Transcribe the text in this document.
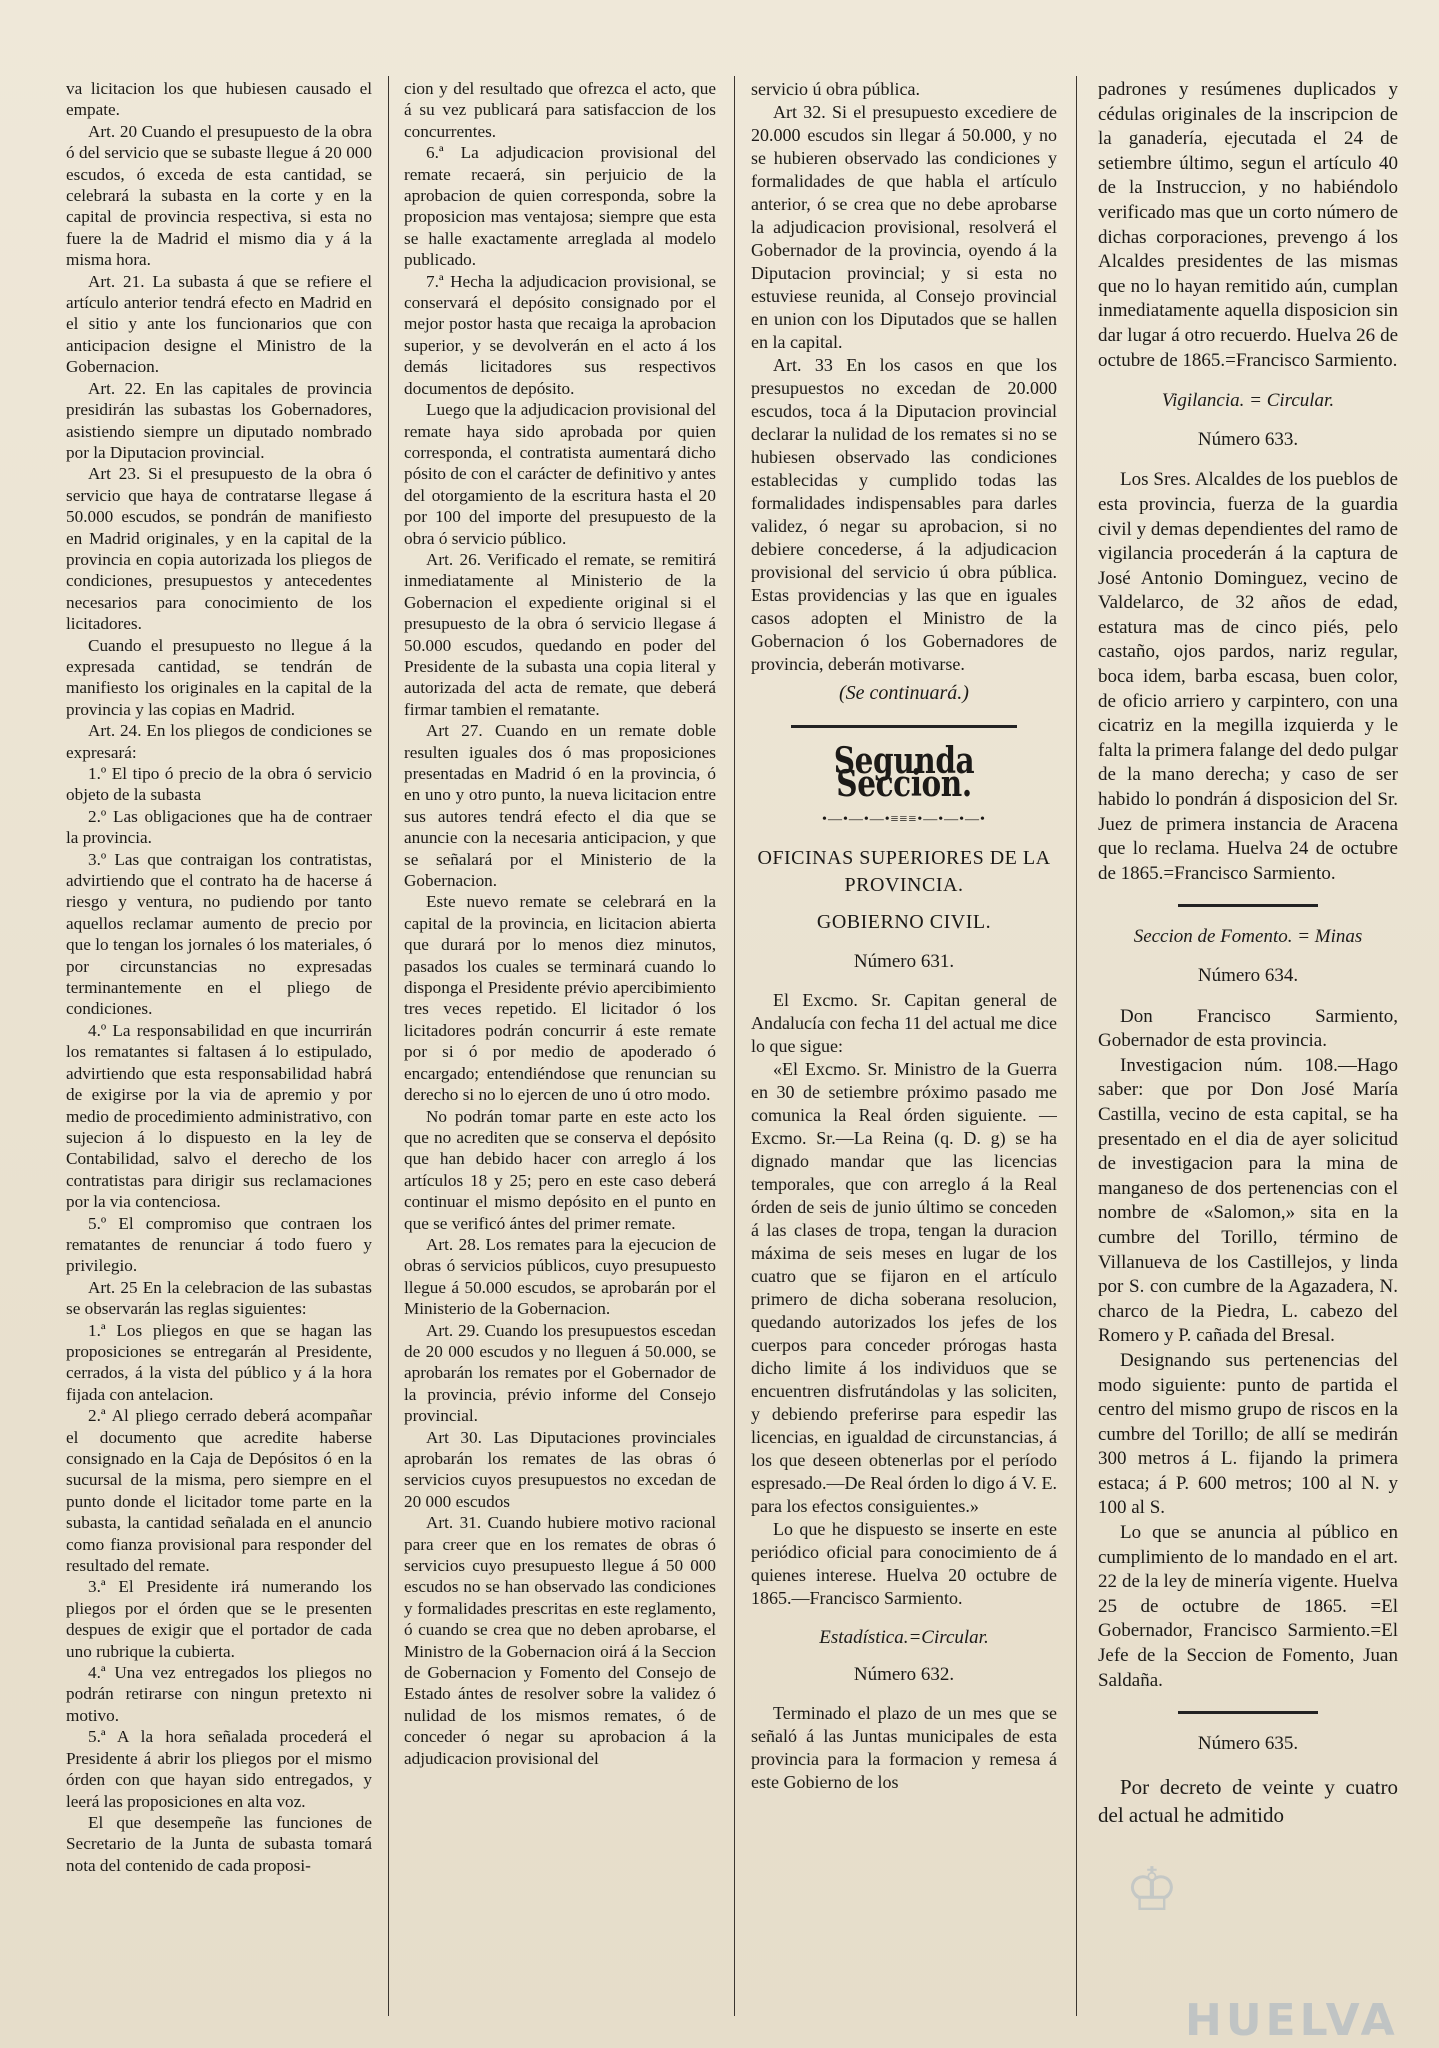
va licitacion los que hubiesen causado el empate.

Art. 20 Cuando el presupuesto de la obra ó del servicio que se subaste llegue á 20 000 escudos, ó exceda de esta cantidad, se celebrará la subasta en la corte y en la capital de provincia respectiva, si esta no fuere la de Madrid el mismo dia y á la misma hora.

Art. 21. La subasta á que se refiere el artículo anterior tendrá efecto en Madrid en el sitio y ante los funcionarios que con anticipacion designe el Ministro de la Gobernacion.

Art. 22. En las capitales de provincia presidirán las subastas los Gobernadores, asistiendo siempre un diputado nombrado por la Diputacion provincial.

Art 23. Si el presupuesto de la obra ó servicio que haya de contratarse llegase á 50.000 escudos, se pondrán de manifiesto en Madrid originales, y en la capital de la provincia en copia autorizada los pliegos de condiciones, presupuestos y antecedentes necesarios para conocimiento de los licitadores.

Cuando el presupuesto no llegue á la expresada cantidad, se tendrán de manifiesto los originales en la capital de la provincia y las copias en Madrid.

Art. 24. En los pliegos de condiciones se expresará:

1.º El tipo ó precio de la obra ó servicio objeto de la subasta

2.º Las obligaciones que ha de contraer la provincia.

3.º Las que contraigan los contratistas, advirtiendo que el contrato ha de hacerse á riesgo y ventura, no pudiendo por tanto aquellos reclamar aumento de precio por que lo tengan los jornales ó los materiales, ó por circunstancias no expresadas terminantemente en el pliego de condiciones.

4.º La responsabilidad en que incurrirán los rematantes si faltasen á lo estipulado, advirtiendo que esta responsabilidad habrá de exigirse por la via de apremio y por medio de procedimiento administrativo, con sujecion á lo dispuesto en la ley de Contabilidad, salvo el derecho de los contratistas para dirigir sus reclamaciones por la via contenciosa.

5.º El compromiso que contraen los rematantes de renunciar á todo fuero y privilegio.

Art. 25 En la celebracion de las subastas se observarán las reglas siguientes:

1.ª Los pliegos en que se hagan las proposiciones se entregarán al Presidente, cerrados, á la vista del público y á la hora fijada con antelacion.

2.ª Al pliego cerrado deberá acompañar el documento que acredite haberse consignado en la Caja de Depósitos ó en la sucursal de la misma, pero siempre en el punto donde el licitador tome parte en la subasta, la cantidad señalada en el anuncio como fianza provisional para responder del resultado del remate.

3.ª El Presidente irá numerando los pliegos por el órden que se le presenten despues de exigir que el portador de cada uno rubrique la cubierta.

4.ª Una vez entregados los pliegos no podrán retirarse con ningun pretexto ni motivo.

5.ª A la hora señalada procederá el Presidente á abrir los pliegos por el mismo órden con que hayan sido entregados, y leerá las proposiciones en alta voz.

El que desempeñe las funciones de Secretario de la Junta de subasta tomará nota del contenido de cada proposi-

cion y del resultado que ofrezca el acto, que á su vez publicará para satisfaccion de los concurrentes.

6.ª La adjudicacion provisional del remate recaerá, sin perjuicio de la aprobacion de quien corresponda, sobre la proposicion mas ventajosa; siempre que esta se halle exactamente arreglada al modelo publicado.

7.ª Hecha la adjudicacion provisional, se conservará el depósito consignado por el mejor postor hasta que recaiga la aprobacion superior, y se devolverán en el acto á los demás licitadores sus respectivos documentos de depósito.

Luego que la adjudicacion provisional del remate haya sido aprobada por quien corresponda, el contratista aumentará dicho pósito de con el carácter de definitivo y antes del otorgamiento de la escritura hasta el 20 por 100 del importe del presupuesto de la obra ó servicio público.

Art. 26. Verificado el remate, se remitirá inmediatamente al Ministerio de la Gobernacion el expediente original si el presupuesto de la obra ó servicio llegase á 50.000 escudos, quedando en poder del Presidente de la subasta una copia literal y autorizada del acta de remate, que deberá firmar tambien el rematante.

Art 27. Cuando en un remate doble resulten iguales dos ó mas proposiciones presentadas en Madrid ó en la provincia, ó en uno y otro punto, la nueva licitacion entre sus autores tendrá efecto el dia que se anuncie con la necesaria anticipacion, y que se señalará por el Ministerio de la Gobernacion.

Este nuevo remate se celebrará en la capital de la provincia, en licitacion abierta que durará por lo menos diez minutos, pasados los cuales se terminará cuando lo disponga el Presidente prévio apercibimiento tres veces repetido. El licitador ó los licitadores podrán concurrir á este remate por si ó por medio de apoderado ó encargado; entendiéndose que renuncian su derecho si no lo ejercen de uno ú otro modo.

No podrán tomar parte en este acto los que no acrediten que se conserva el depósito que han debido hacer con arreglo á los artículos 18 y 25; pero en este caso deberá continuar el mismo depósito en el punto en que se verificó ántes del primer remate.

Art. 28. Los remates para la ejecucion de obras ó servicios públicos, cuyo presupuesto llegue á 50.000 escudos, se aprobarán por el Ministerio de la Gobernacion.

Art. 29. Cuando los presupuestos escedan de 20 000 escudos y no lleguen á 50.000, se aprobarán los remates por el Gobernador de la provincia, prévio informe del Consejo provincial.

Art 30. Las Diputaciones provinciales aprobarán los remates de las obras ó servicios cuyos presupuestos no excedan de 20 000 escudos

Art. 31. Cuando hubiere motivo racional para creer que en los remates de obras ó servicios cuyo presupuesto llegue á 50 000 escudos no se han observado las condiciones y formalidades prescritas en este reglamento, ó cuando se crea que no deben aprobarse, el Ministro de la Gobernacion oirá á la Seccion de Gobernacion y Fomento del Consejo de Estado ántes de resolver sobre la validez ó nulidad de los mismos remates, ó de conceder ó negar su aprobacion á la adjudicacion provisional del

servicio ú obra pública.

Art 32. Si el presupuesto excediere de 20.000 escudos sin llegar á 50.000, y no se hubieren observado las condiciones y formalidades de que habla el artículo anterior, ó se crea que no debe aprobarse la adjudicacion provisional, resolverá el Gobernador de la provincia, oyendo á la Diputacion provincial; y si esta no estuviese reunida, al Consejo provincial en union con los Diputados que se hallen en la capital.

Art. 33 En los casos en que los presupuestos no excedan de 20.000 escudos, toca á la Diputacion provincial declarar la nulidad de los remates si no se hubiesen observado las condiciones establecidas y cumplido todas las formalidades indispensables para darles validez, ó negar su aprobacion, si no debiere concederse, á la adjudicacion provisional del servicio ú obra pública. Estas providencias y las que en iguales casos adopten el Ministro de la Gobernacion ó los Gobernadores de provincia, deberán motivarse.

(Se continuará.)
Segunda Seccion.
•—•—•—•≡≡≡•—•—•—•
OFICINAS SUPERIORES DE LA PROVINCIA.
GOBIERNO CIVIL.
Número 631.

El Excmo. Sr. Capitan general de Andalucía con fecha 11 del actual me dice lo que sigue:

«El Excmo. Sr. Ministro de la Guerra en 30 de setiembre próximo pasado me comunica la Real órden siguiente. —Excmo. Sr.—La Reina (q. D. g) se ha dignado mandar que las licencias temporales, que con arreglo á la Real órden de seis de junio último se conceden á las clases de tropa, tengan la duracion máxima de seis meses en lugar de los cuatro que se fijaron en el artículo primero de dicha soberana resolucion, quedando autorizados los jefes de los cuerpos para conceder prórogas hasta dicho limite á los individuos que se encuentren disfrutándolas y las soliciten, y debiendo preferirse para espedir las licencias, en igualdad de circunstancias, á los que deseen obtenerlas por el período espresado.—De Real órden lo digo á V. E. para los efectos consiguientes.»

Lo que he dispuesto se inserte en este periódico oficial para conocimiento de á quienes interese. Huelva 20 octubre de 1865.—Francisco Sarmiento.

Estadística.=Circular.
Número 632.

Terminado el plazo de un mes que se señaló á las Juntas municipales de esta provincia para la formacion y remesa á este Gobierno de los

padrones y resúmenes duplicados y cédulas originales de la inscripcion de la ganadería, ejecutada el 24 de setiembre último, segun el artículo 40 de la Instruccion, y no habiéndolo verificado mas que un corto número de dichas corporaciones, prevengo á los Alcaldes presidentes de las mismas que no lo hayan remitido aún, cumplan inmediatamente aquella disposicion sin dar lugar á otro recuerdo. Huelva 26 de octubre de 1865.=Francisco Sarmiento.

Vigilancia. = Circular.
Número 633.

Los Sres. Alcaldes de los pueblos de esta provincia, fuerza de la guardia civil y demas dependientes del ramo de vigilancia procederán á la captura de José Antonio Dominguez, vecino de Valdelarco, de 32 años de edad, estatura mas de cinco piés, pelo castaño, ojos pardos, nariz regular, boca idem, barba escasa, buen color, de oficio arriero y carpintero, con una cicatriz en la megilla izquierda y le falta la primera falange del dedo pulgar de la mano derecha; y caso de ser habido lo pondrán á disposicion del Sr. Juez de primera instancia de Aracena que lo reclama. Huelva 24 de octubre de 1865.=Francisco Sarmiento.

Seccion de Fomento. = Minas
Número 634.

Don Francisco Sarmiento, Gobernador de esta provincia.

Investigacion núm. 108.—Hago saber: que por Don José María Castilla, vecino de esta capital, se ha presentado en el dia de ayer solicitud de investigacion para la mina de manganeso de dos pertenencias con el nombre de «Salomon,» sita en la cumbre del Torillo, término de Villanueva de los Castillejos, y linda por S. con cumbre de la Agazadera, N. charco de la Piedra, L. cabezo del Romero y P. cañada del Bresal.

Designando sus pertenencias del modo siguiente: punto de partida el centro del mismo grupo de riscos en la cumbre del Torillo; de allí se medirán 300 metros á L. fijando la primera estaca; á P. 600 metros; 100 al N. y 100 al S.

Lo que se anuncia al público en cumplimiento de lo mandado en el art. 22 de la ley de minería vigente. Huelva 25 de octubre de 1865. =El Gobernador, Francisco Sarmiento.=El Jefe de la Seccion de Fomento, Juan Saldaña.

Número 635.

Por decreto de veinte y cuatro del actual he admitido

♔
HUELVA
